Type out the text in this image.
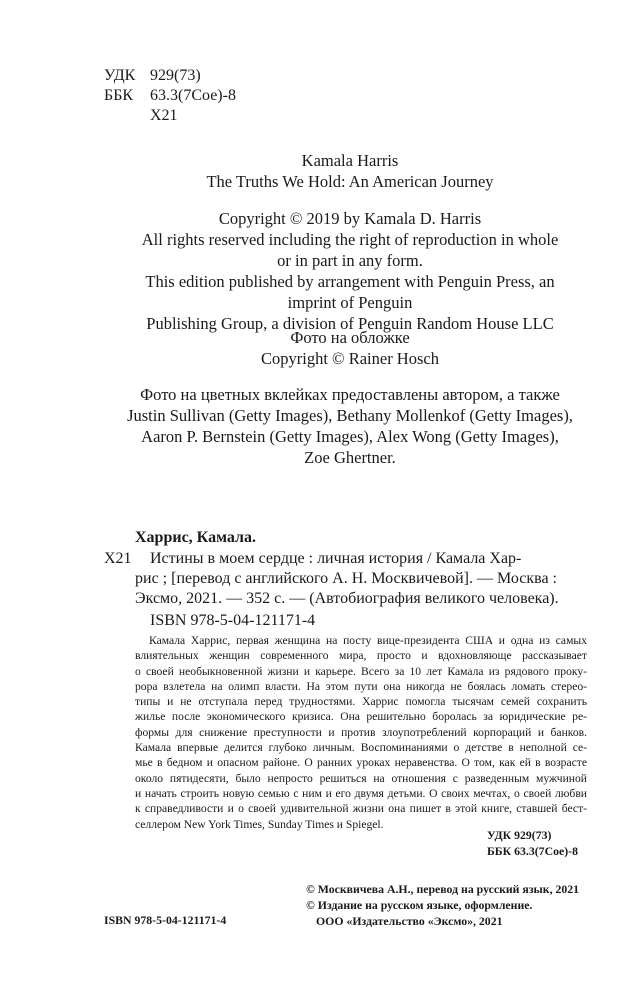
УДК 929(73)
ББК 63.3(7Сое)-8
Х21
Kamala Harris
The Truths We Hold: An American Journey
Copyright © 2019 by Kamala D. Harris
All rights reserved including the right of reproduction in whole
or in part in any form.
This edition published by arrangement with Penguin Press, an
imprint of Penguin
Publishing Group, a division of Penguin Random House LLC
Фото на обложке
Copyright © Rainer Hosch
Фото на цветных вклейках предоставлены автором, а также
Justin Sullivan (Getty Images), Bethany Mollenkof (Getty Images),
Aaron P. Bernstein (Getty Images), Alex Wong (Getty Images),
Zoe Ghertner.
Харрис, Камала.
Х21 Истины в моем сердце : личная история / Камала Хар-
рис ; [перевод с английского А. Н. Москвичевой]. — Москва :
Эксмо, 2021. — 352 с. — (Автобиография великого человека).
ISBN 978-5-04-121171-4
Камала Харрис, первая женщина на посту вице-президента США и одна из самых
влиятельных женщин современного мира, просто и вдохновляюще рассказывает
о своей необыкновенной жизни и карьере. Всего за 10 лет Камала из рядового проку-
рора взлетела на олимп власти. На этом пути она никогда не боялась ломать стерео-
типы и не отступала перед трудностями. Харрис помогла тысячам семей сохранить
жилье после экономического кризиса. Она решительно боролась за юридические ре-
формы для снижение преступности и против злоупотреблений корпораций и банков.
Камала впервые делится глубоко личным. Воспоминаниями о детстве в неполной се-
мье в бедном и опасном районе. О ранних уроках неравенства. О том, как ей в возрасте
около пятидесяти, было непросто решиться на отношения с разведенным мужчиной
и начать строить новую семью с ним и его двумя детьми. О своих мечтах, о своей любви
к справедливости и о своей удивительной жизни она пишет в этой книге, ставшей бест-
селлером New York Times, Sunday Times и Spiegel.
УДК 929(73)
ББК 63.3(7Сое)-8
ISBN 978-5-04-121171-4
© Москвичева А.Н., перевод на русский язык, 2021
© Издание на русском языке, оформление.
ООО «Издательство «Эксмо», 2021
